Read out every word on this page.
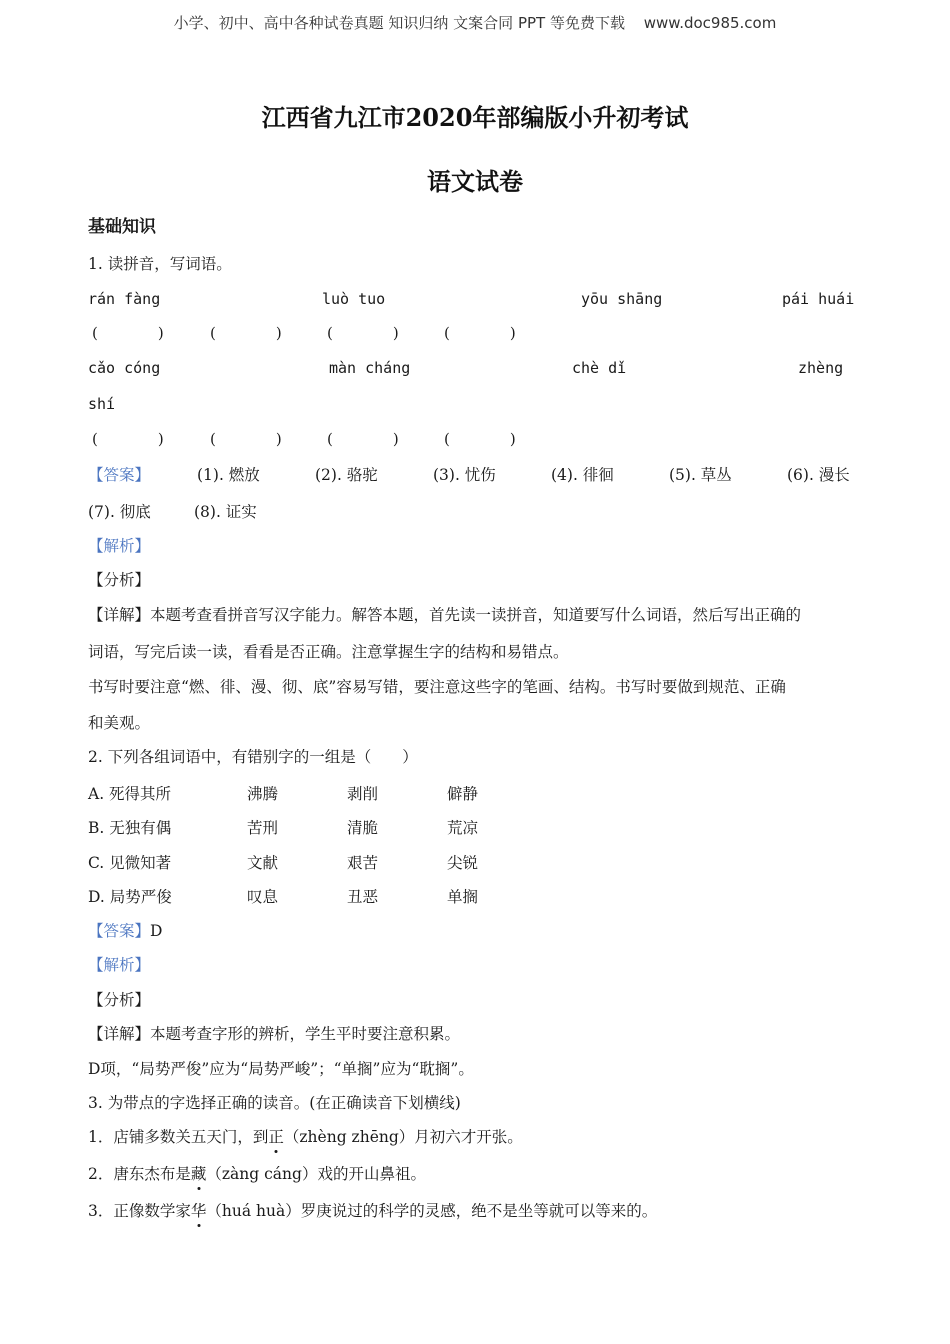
小学、初中、高中各种试卷真题 知识归纳 文案合同 PPT 等免费下载 www.doc985.com
江西省九江市2020年部编版小升初考试
语文试卷
基础知识
1. 读拼音，写词语。
rán fàng	luò tuo	yōu shāng	pái huái
(　　　　)	(　　　　)	(　　　　)	(　　　　)
cǎo cóng	màn cháng	chè dǐ	zhèng
shí
(　　　　)	(　　　　)	(　　　　)	(　　　　)
【答案】	(1). 燃放	(2). 骆驼	(3). 忧伤	(4). 徘徊	(5). 草丛	(6). 漫长
(7). 彻底	(8). 证实
【解析】
【分析】
【详解】本题考查看拼音写汉字能力。解答本题，首先读一读拼音，知道要写什么词语，然后写出正确的
词语，写完后读一读，看看是否正确。注意掌握生字的结构和易错点。
书写时要注意“燃、徘、漫、彻、底”容易写错，要注意这些字的笔画、结构。书写时要做到规范、正确
和美观。
2. 下列各组词语中，有错别字的一组是（　　）
A. 死得其所	沸腾	剥削	僻静
B. 无独有偶	苦刑	清脆	荒凉
C. 见微知著	文献	艰苦	尖锐
D. 局势严俊	叹息	丑恶	单搁
【答案】D
【解析】
【分析】
【详解】本题考查字形的辨析，学生平时要注意积累。
D项，“局势严俊”应为“局势严峻”；“单搁”应为“耽搁”。
3. 为带点的字选择正确的读音。(在正确读音下划横线)
1．店铺多数关五天门，到正（zhèng zhēng）月初六才开张。
2．唐东杰布是藏（zàng cáng）戏的开山鼻祖。
3．正像数学家华（huá huà）罗庚说过的科学的灵感，绝不是坐等就可以等来的。
